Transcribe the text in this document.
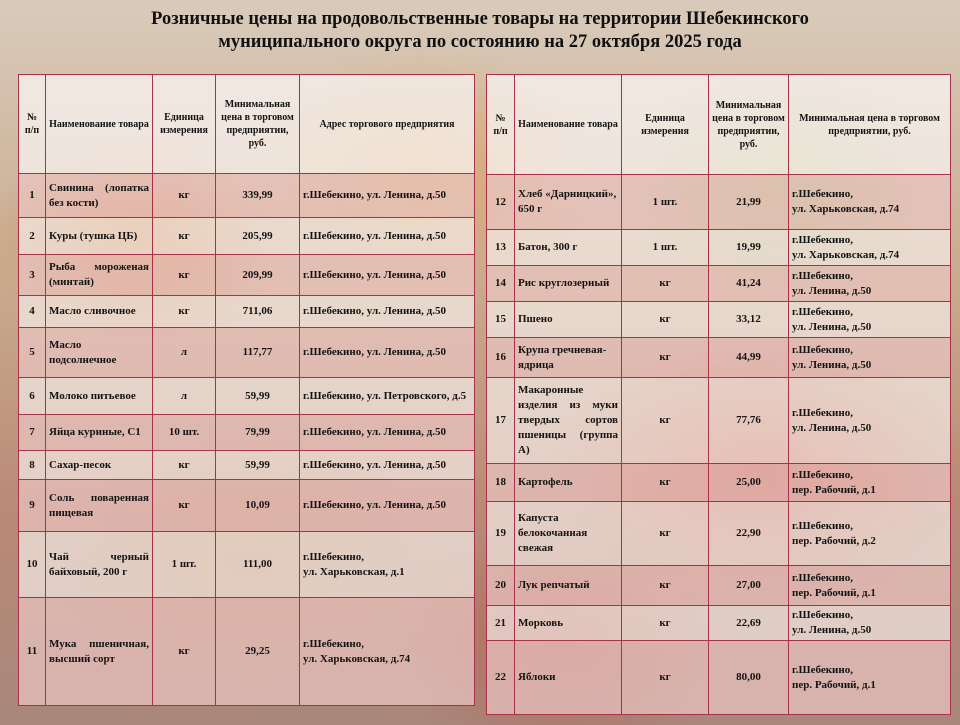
Розничные цены на продовольственные товары на территории Шебекинского
муниципального округа по состоянию на 27 октября 2025 года
№ п/п	Наименование товара	Единица измерения	Минимальная цена в торговом предприятии, руб.	Адрес торгового предприятия
1	Свинина (лопатка без кости)	кг	339,99	г.Шебекино, ул. Ленина, д.50
2	Куры (тушка ЦБ)	кг	205,99	г.Шебекино, ул. Ленина, д.50
3	Рыба мороженая (минтай)	кг	209,99	г.Шебекино, ул. Ленина, д.50
4	Масло сливочное	кг	711,06	г.Шебекино, ул. Ленина, д.50
5	Масло подсолнечное	л	117,77	г.Шебекино, ул. Ленина, д.50
6	Молоко питьевое	л	59,99	г.Шебекино, ул. Петровского, д.5
7	Яйца куриные, С1	10 шт.	79,99	г.Шебекино, ул. Ленина, д.50
8	Сахар-песок	кг	59,99	г.Шебекино, ул. Ленина, д.50
9	Соль поваренная пищевая	кг	10,09	г.Шебекино, ул. Ленина, д.50
10	Чай черный байховый, 200 г	1 шт.	111,00	г.Шебекино,
ул. Харьковская, д.1

11	Мука пшеничная, высший сорт	кг	29,25	г.Шебекино,
ул. Харьковская, д.74
№ п/п	Наименование товара	Единица измерения	Минимальная цена в торговом предприятии, руб.	Минимальная цена в торговом предприятии, руб.
12	Хлеб «Дарницкий», 650 г	1 шт.	21,99	г.Шебекино,
ул. Харьковская, д.74

13	Батон, 300 г	1 шт.	19,99	г.Шебекино,
ул. Харьковская, д.74

14	Рис круглозерный	кг	41,24	г.Шебекино,
ул. Ленина, д.50

15	Пшено	кг	33,12	г.Шебекино,
ул. Ленина, д.50

16	Крупа гречневая-ядрица	кг	44,99	г.Шебекино,
ул. Ленина, д.50

17	Макаронные изделия из муки твердых сортов пшеницы (группа А)	кг	77,76	г.Шебекино,
ул. Ленина, д.50

18	Картофель	кг	25,00	г.Шебекино,
пер. Рабочий, д.1

19	Капуста белокочанная свежая	кг	22,90	г.Шебекино,
пер. Рабочий, д.2

20	Лук репчатый	кг	27,00	г.Шебекино,
пер. Рабочий, д.1

21	Морковь	кг	22,69	г.Шебекино,
ул. Ленина, д.50

22	Яблоки	кг	80,00	г.Шебекино,
пер. Рабочий, д.1
